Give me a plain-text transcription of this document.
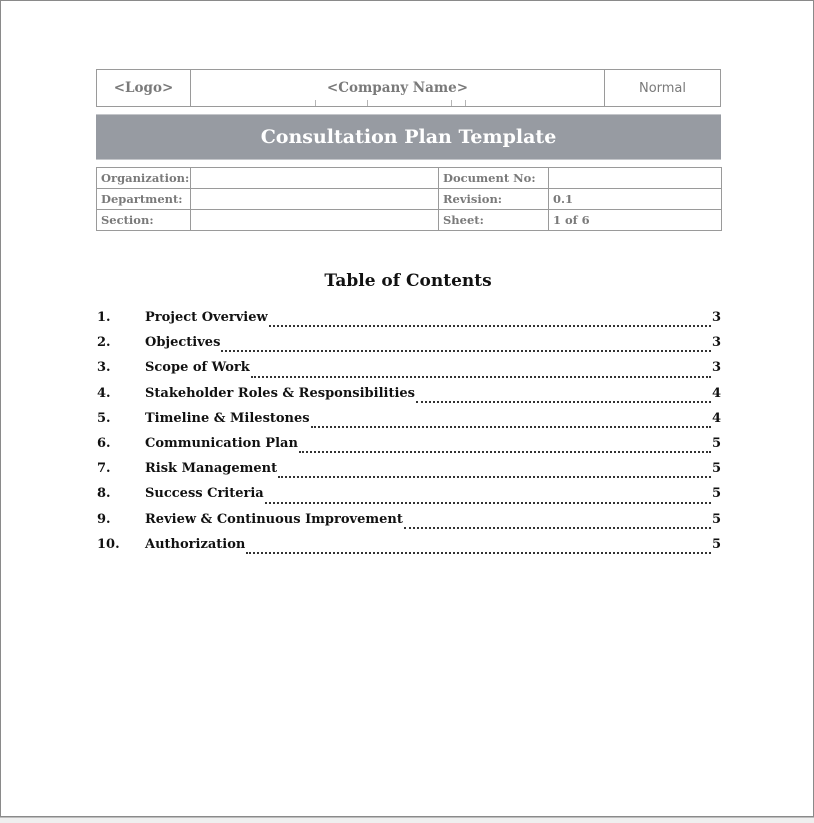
<Logo>	<Company Name>	Normal
Consultation Plan Template
Organization:		Document No:	
Department:		Revision:	0.1
Section:		Sheet:	1 of 6
Table of Contents
1.	Project Overview	3
2.	Objectives	3
3.	Scope of Work	3
4.	Stakeholder Roles & Responsibilities	4
5.	Timeline & Milestones	4
6.	Communication Plan	5
7.	Risk Management	5
8.	Success Criteria	5
9.	Review & Continuous Improvement	5
10.	Authorization	5
